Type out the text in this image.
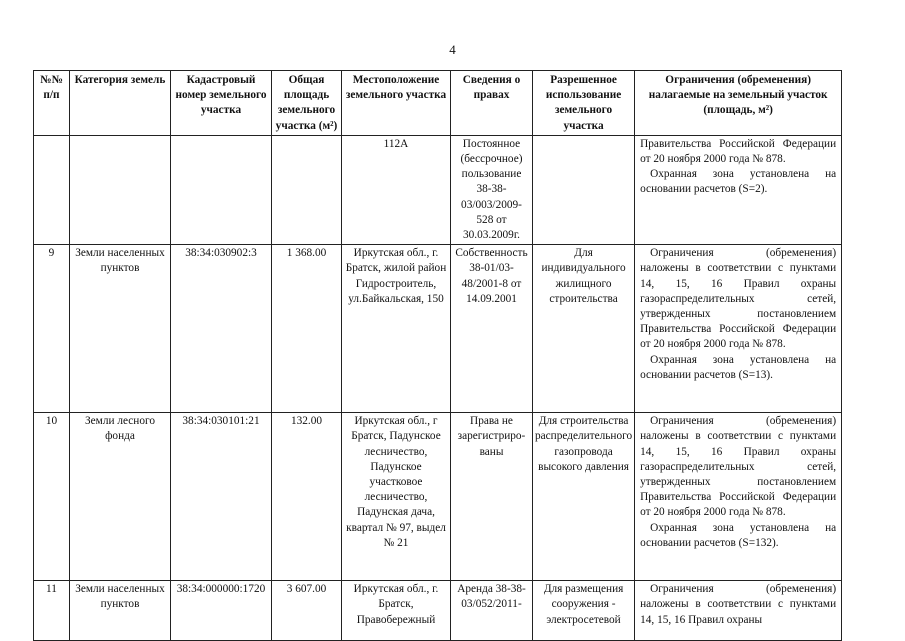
4
№№ п/п	Категория земель	Кадастровый номер земельного участка	Общая площадь земельного участка (м²)	Местоположение земельного участка	Сведения о правах	Разрешенное использование земельного участка	Ограничения (обременения) налагаемые на земельный участок (площадь, м²)
				112А	Постоянное (бессрочное) пользование 38-38-03/003/2009-528 от 30.03.2009г.		Правительства Российской Федерации от 20 ноября 2000 года № 878.
Охранная зона установлена на основании расчетов (S=2).

9	Земли населенных пунктов	38:34:030902:3	1 368.00	Иркутская обл., г. Братск, жилой район Гидростроитель, ул.Байкальская, 150	Собственность 38-01/03-48/2001-8 от 14.09.2001	Для индивидуального жилищного строительства	Ограничения (обременения) наложены в соответствии с пунктами 14, 15, 16 Правил охраны газораспределительных сетей, утвержденных постановлением Правительства Российской Федерации от 20 ноября 2000 года № 878.
Охранная зона установлена на основании расчетов (S=13).

10	Земли лесного фонда	38:34:030101:21	132.00	Иркутская обл., г Братск, Падунское лесничество, Падунское участковое лесничество, Падунская дача, квартал № 97, выдел № 21	Права не зарегистриро-ваны	Для строительства распределительного газопровода высокого давления	Ограничения (обременения) наложены в соответствии с пунктами 14, 15, 16 Правил охраны газораспределительных сетей, утвержденных постановлением Правительства Российской Федерации от 20 ноября 2000 года № 878.
Охранная зона установлена на основании расчетов (S=132).

11	Земли населенных пунктов	38:34:000000:1720	3 607.00	Иркутская обл., г. Братск, Правобережный	Аренда 38-38-03/052/2011-	Для размещения сооружения - электросетевой	Ограничения (обременения) наложены в соответствии с пунктами 14, 15, 16 Правил охраны
